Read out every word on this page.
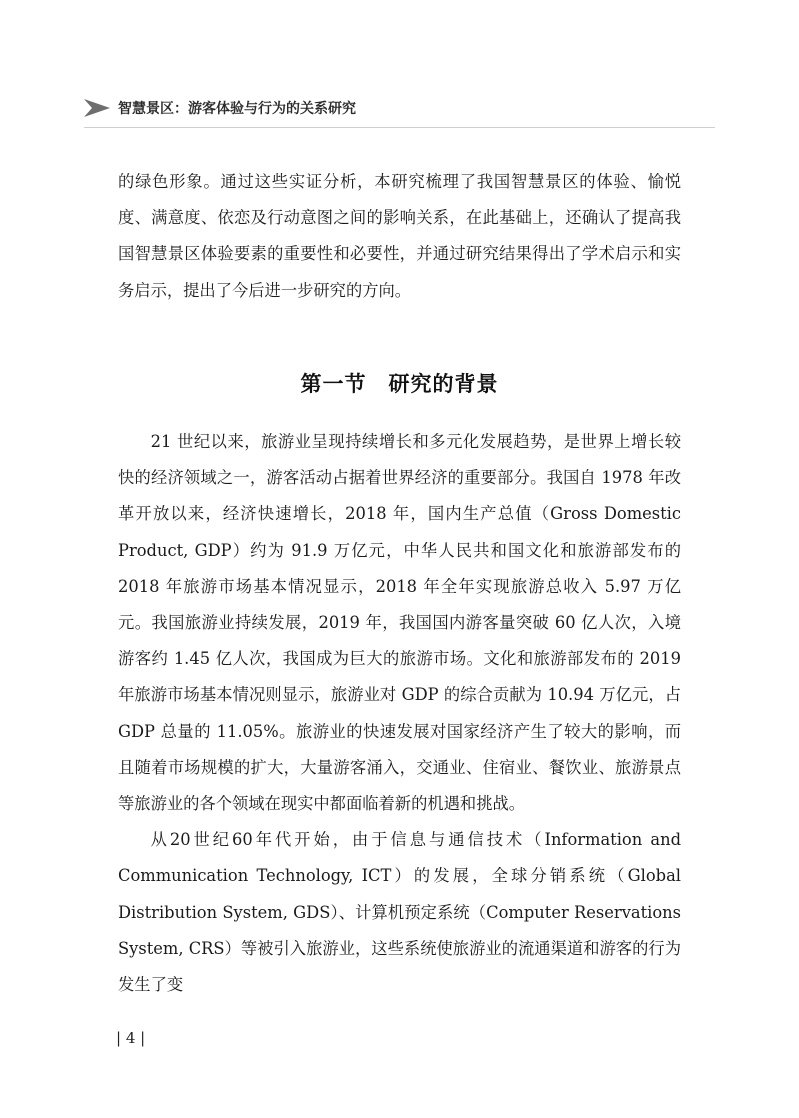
智慧景区：游客体验与行为的关系研究

的绿色形象。通过这些实证分析，本研究梳理了我国智慧景区的体验、愉悦度、满意度、依恋及行动意图之间的影响关系，在此基础上，还确认了提高我国智慧景区体验要素的重要性和必要性，并通过研究结果得出了学术启示和实务启示，提出了今后进一步研究的方向。

第一节 研究的背景

21 世纪以来，旅游业呈现持续增长和多元化发展趋势，是世界上增长较快的经济领域之一，游客活动占据着世界经济的重要部分。我国自 1978 年改革开放以来，经济快速增长，2018 年，国内生产总值（Gross Domestic Product, GDP）约为 91.9 万亿元，中华人民共和国文化和旅游部发布的 2018 年旅游市场基本情况显示，2018 年全年实现旅游总收入 5.97 万亿元。我国旅游业持续发展，2019 年，我国国内游客量突破 60 亿人次，入境游客约 1.45 亿人次，我国成为巨大的旅游市场。文化和旅游部发布的 2019 年旅游市场基本情况则显示，旅游业对 GDP 的综合贡献为 10.94 万亿元，占 GDP 总量的 11.05%。旅游业的快速发展对国家经济产生了较大的影响，而且随着市场规模的扩大，大量游客涌入，交通业、住宿业、餐饮业、旅游景点等旅游业的各个领域在现实中都面临着新的机遇和挑战。

从20世纪60年代开始，由于信息与通信技术（Information and Communication Technology, ICT）的发展，全球分销系统（Global Distribution System, GDS）、计算机预定系统（Computer Reservations System, CRS）等被引入旅游业，这些系统使旅游业的流通渠道和游客的行为发生了变

| 4 |
